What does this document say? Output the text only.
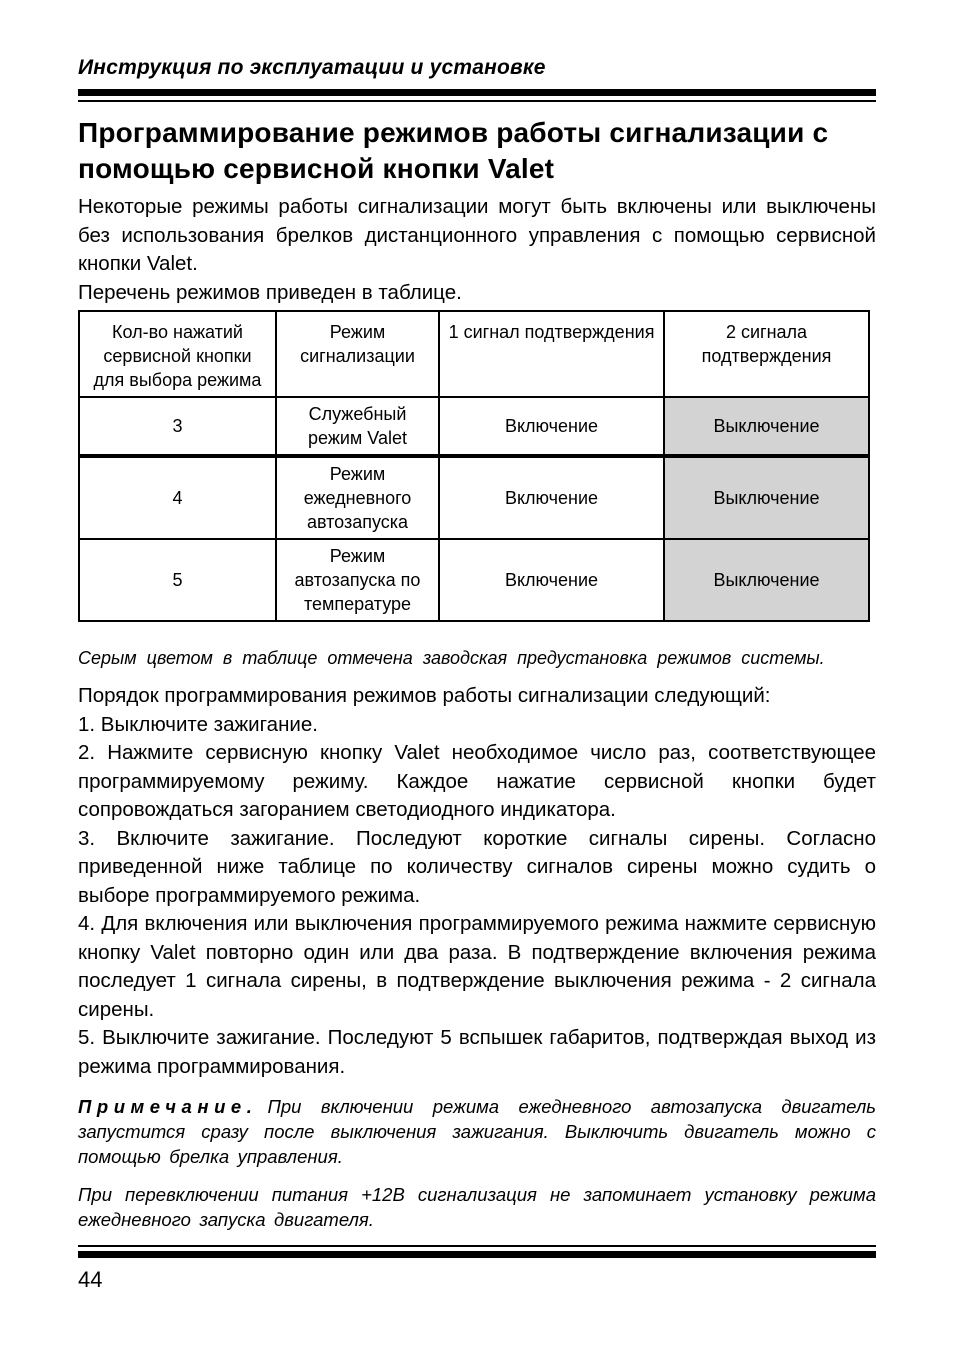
Инструкция по эксплуатации и установке

Программирование режимов работы сигнализации с помощью сервисной кнопки Valet

Некоторые режимы работы сигнализации могут быть включены или выключены без использования брелков дистанционного управления с помощью сервисной кнопки Valet.

Перечень режимов приведен в таблице.

Кол-во нажатий сервисной кнопки для выбора режима	Режим сигнализации	1 сигнал подтверждения	2 сигнала подтверждения
3	Служебный режим Valet	Включение	Выключение
4	Режим ежедневного автозапуска	Включение	Выключение
5	Режим автозапуска по температуре	Включение	Выключение

Серым цветом в таблице отмечена заводская предустановка режимов системы.

Порядок программирования режимов работы сигнализации следующий:

1. Выключите зажигание.

2. Нажмите сервисную кнопку Valet необходимое число раз, соответствующее программируемому режиму. Каждое нажатие сервисной кнопки будет сопровождаться загоранием светодиодного индикатора.

3. Включите зажигание. Последуют короткие сигналы сирены. Согласно приведенной ниже таблице по количеству сигналов сирены можно судить о выборе программируемого режима.

4. Для включения или выключения программируемого режима нажмите сервисную кнопку Valet повторно один или два раза. В подтверждение включения режима последует 1 сигнала сирены, в подтверждение выключения режима - 2 сигнала сирены.

5. Выключите зажигание. Последуют 5 вспышек габаритов, подтверждая выход из режима программирования.

Примечание. При включении режима ежедневного автозапуска двигатель запустится сразу после выключения зажигания. Выключить двигатель можно с помощью брелка управления.

При перевключении питания +12В сигнализация не запоминает установку режима ежедневного запуска двигателя.

44
